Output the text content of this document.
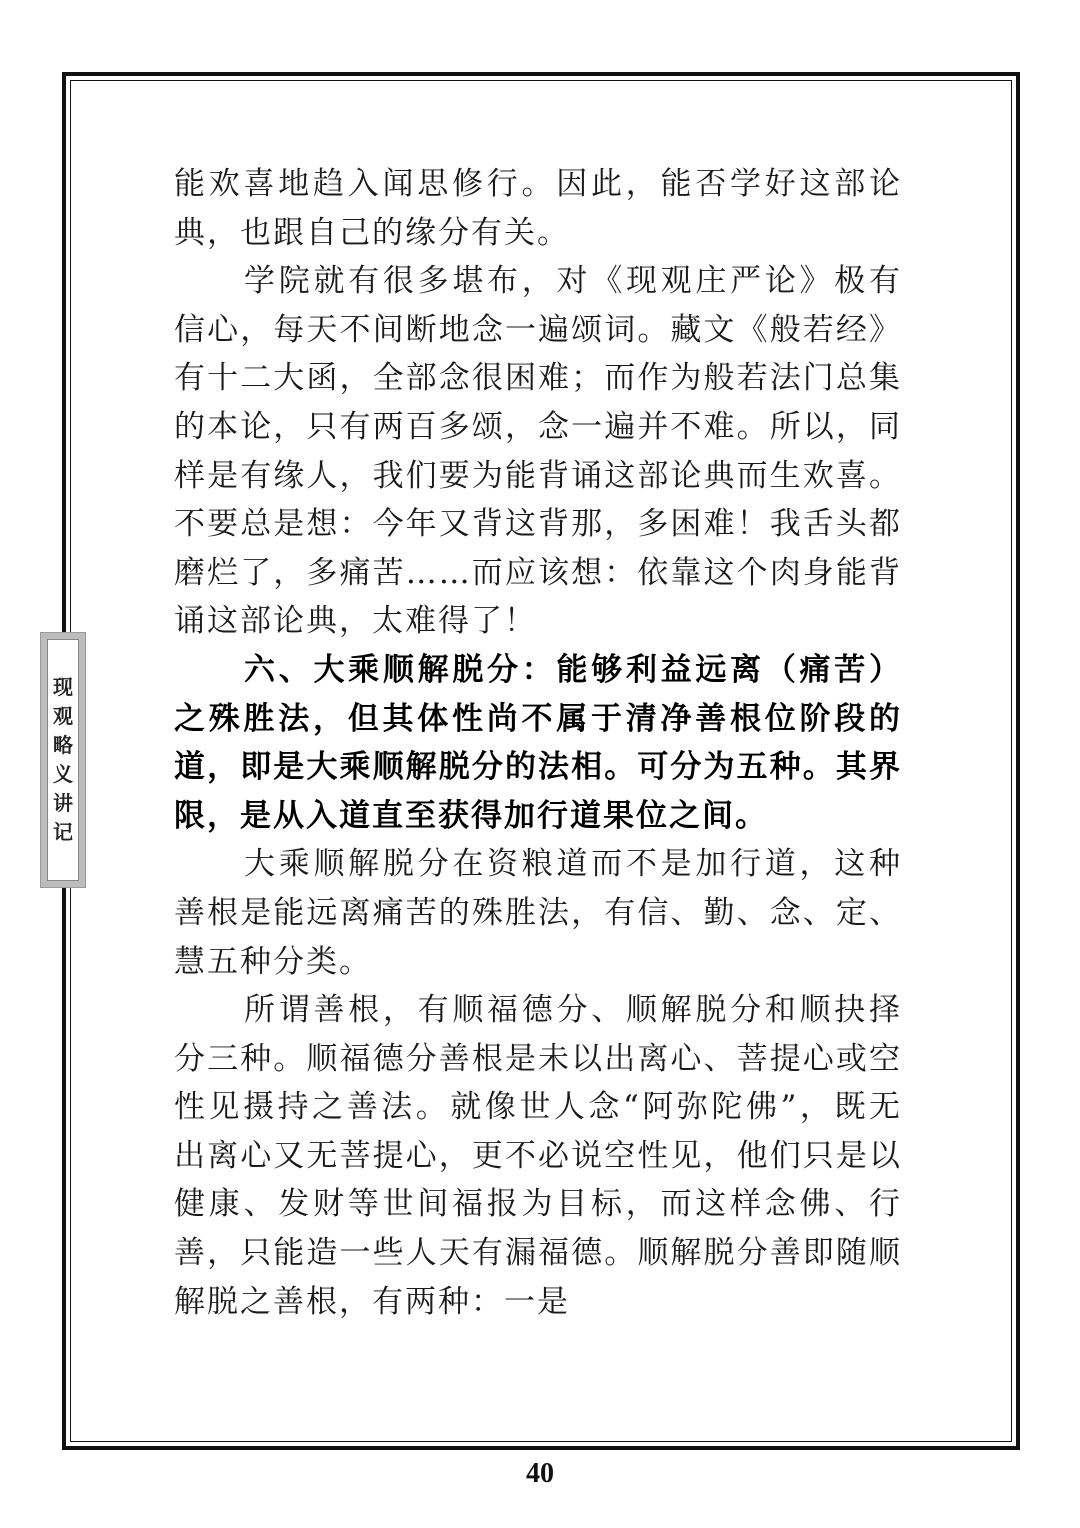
能欢喜地趋入闻思修行。因此，能否学好这部论典，也跟自己的缘分有关。

学院就有很多堪布，对《现观庄严论》极有信心，每天不间断地念一遍颂词。藏文《般若经》有十二大函，全部念很困难；而作为般若法门总集的本论，只有两百多颂，念一遍并不难。所以，同样是有缘人，我们要为能背诵这部论典而生欢喜。不要总是想：今年又背这背那，多困难！我舌头都磨烂了，多痛苦……而应该想：依靠这个肉身能背诵这部论典，太难得了！

六、大乘顺解脱分：能够利益远离（痛苦）之殊胜法，但其体性尚不属于清净善根位阶段的道，即是大乘顺解脱分的法相。可分为五种。其界限，是从入道直至获得加行道果位之间。

大乘顺解脱分在资粮道而不是加行道，这种善根是能远离痛苦的殊胜法，有信、勤、念、定、慧五种分类。

所谓善根，有顺福德分、顺解脱分和顺抉择分三种。顺福德分善根是未以出离心、菩提心或空性见摄持之善法。就像世人念“阿弥陀佛”，既无出离心又无菩提心，更不必说空性见，他们只是以健康、发财等世间福报为目标，而这样念佛、行善，只能造一些人天有漏福德。顺解脱分善即随顺解脱之善根，有两种：一是

现观略义讲记
40
